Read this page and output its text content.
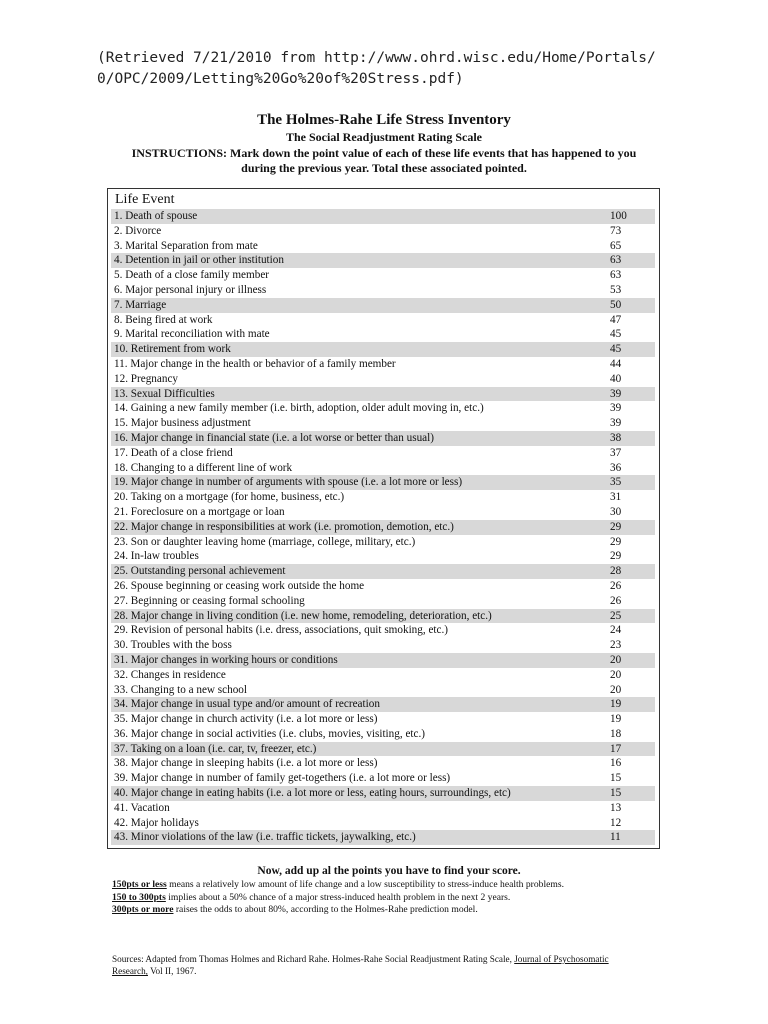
(Retrieved 7/21/2010 from http://www.ohrd.wisc.edu/Home/Portals/
0/OPC/2009/Letting%20Go%20of%20Stress.pdf)
The Holmes-Rahe Life Stress Inventory
The Social Readjustment Rating Scale
INSTRUCTIONS: Mark down the point value of each of these life events that has happened to you
during the previous year. Total these associated pointed.
Life Event
1. Death of spouse	100
2. Divorce	73
3. Marital Separation from mate	65
4. Detention in jail or other institution	63
5. Death of a close family member	63
6. Major personal injury or illness	53
7. Marriage	50
8. Being fired at work	47
9. Marital reconciliation with mate	45
10. Retirement from work	45
11. Major change in the health or behavior of a family member	44
12. Pregnancy	40
13. Sexual Difficulties	39
14. Gaining a new family member (i.e. birth, adoption, older adult moving in, etc.)	39
15. Major business adjustment	39
16. Major change in financial state (i.e. a lot worse or better than usual)	38
17. Death of a close friend	37
18. Changing to a different line of work	36
19. Major change in number of arguments with spouse (i.e. a lot more or less)	35
20. Taking on a mortgage (for home, business, etc.)	31
21. Foreclosure on a mortgage or loan	30
22. Major change in responsibilities at work (i.e. promotion, demotion, etc.)	29
23. Son or daughter leaving home (marriage, college, military, etc.)	29
24. In-law troubles	29
25. Outstanding personal achievement	28
26. Spouse beginning or ceasing work outside the home	26
27. Beginning or ceasing formal schooling	26
28. Major change in living condition (i.e. new home, remodeling, deterioration, etc.)	25
29. Revision of personal habits (i.e. dress, associations, quit smoking, etc.)	24
30. Troubles with the boss	23
31. Major changes in working hours or conditions	20
32. Changes in residence	20
33. Changing to a new school	20
34. Major change in usual type and/or amount of recreation	19
35. Major change in church activity (i.e. a lot more or less)	19
36. Major change in social activities (i.e. clubs, movies, visiting, etc.)	18
37. Taking on a loan (i.e. car, tv, freezer, etc.)	17
38. Major change in sleeping habits (i.e. a lot more or less)	16
39. Major change in number of family get-togethers (i.e. a lot more or less)	15
40. Major change in eating habits (i.e. a lot more or less, eating hours, surroundings, etc)	15
41. Vacation	13
42. Major holidays	12
43. Minor violations of the law (i.e. traffic tickets, jaywalking, etc.)	11
Now, add up al the points you have to find your score.
150pts or less means a relatively low amount of life change and a low susceptibility to stress-induce health problems.
150 to 300pts implies about a 50% chance of a major stress-induced health problem in the next 2 years.
300pts or more raises the odds to about 80%, according to the Holmes-Rahe prediction model.
Sources: Adapted from Thomas Holmes and Richard Rahe. Holmes-Rahe Social Readjustment Rating Scale, Journal of Psychosomatic Research, Vol II, 1967.
